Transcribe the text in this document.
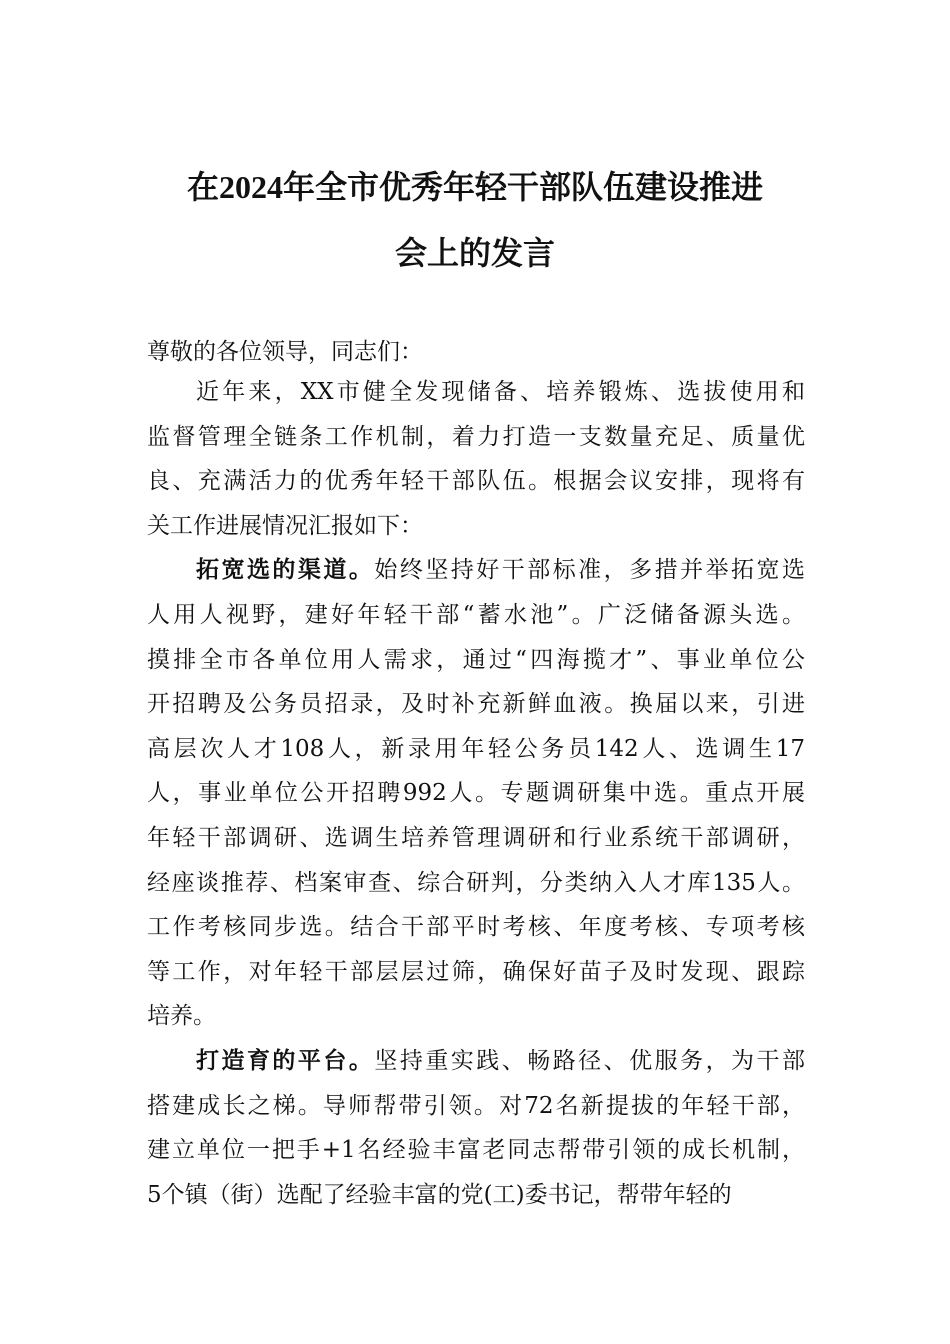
在2024年全市优秀年轻干部队伍建设推进
会上的发言
尊敬的各位领导，同志们：
近年来，XX市健全发现储备、培养锻炼、选拔使用和
监督管理全链条工作机制，着力打造一支数量充足、质量优
良、充满活力的优秀年轻干部队伍。根据会议安排，现将有
关工作进展情况汇报如下：
拓宽选的渠道。始终坚持好干部标准，多措并举拓宽选
人用人视野，建好年轻干部“蓄水池”。广泛储备源头选。
摸排全市各单位用人需求，通过“四海揽才”、事业单位公
开招聘及公务员招录，及时补充新鲜血液。换届以来，引进
高层次人才108人，新录用年轻公务员142人、选调生17
人，事业单位公开招聘992人。专题调研集中选。重点开展
年轻干部调研、选调生培养管理调研和行业系统干部调研，
经座谈推荐、档案审查、综合研判，分类纳入人才库135人。
工作考核同步选。结合干部平时考核、年度考核、专项考核
等工作，对年轻干部层层过筛，确保好苗子及时发现、跟踪
培养。
打造育的平台。坚持重实践、畅路径、优服务，为干部
搭建成长之梯。导师帮带引领。对72名新提拔的年轻干部，
建立单位一把手+1名经验丰富老同志帮带引领的成长机制，
5个镇（街）选配了经验丰富的党(工)委书记，帮带年轻的
